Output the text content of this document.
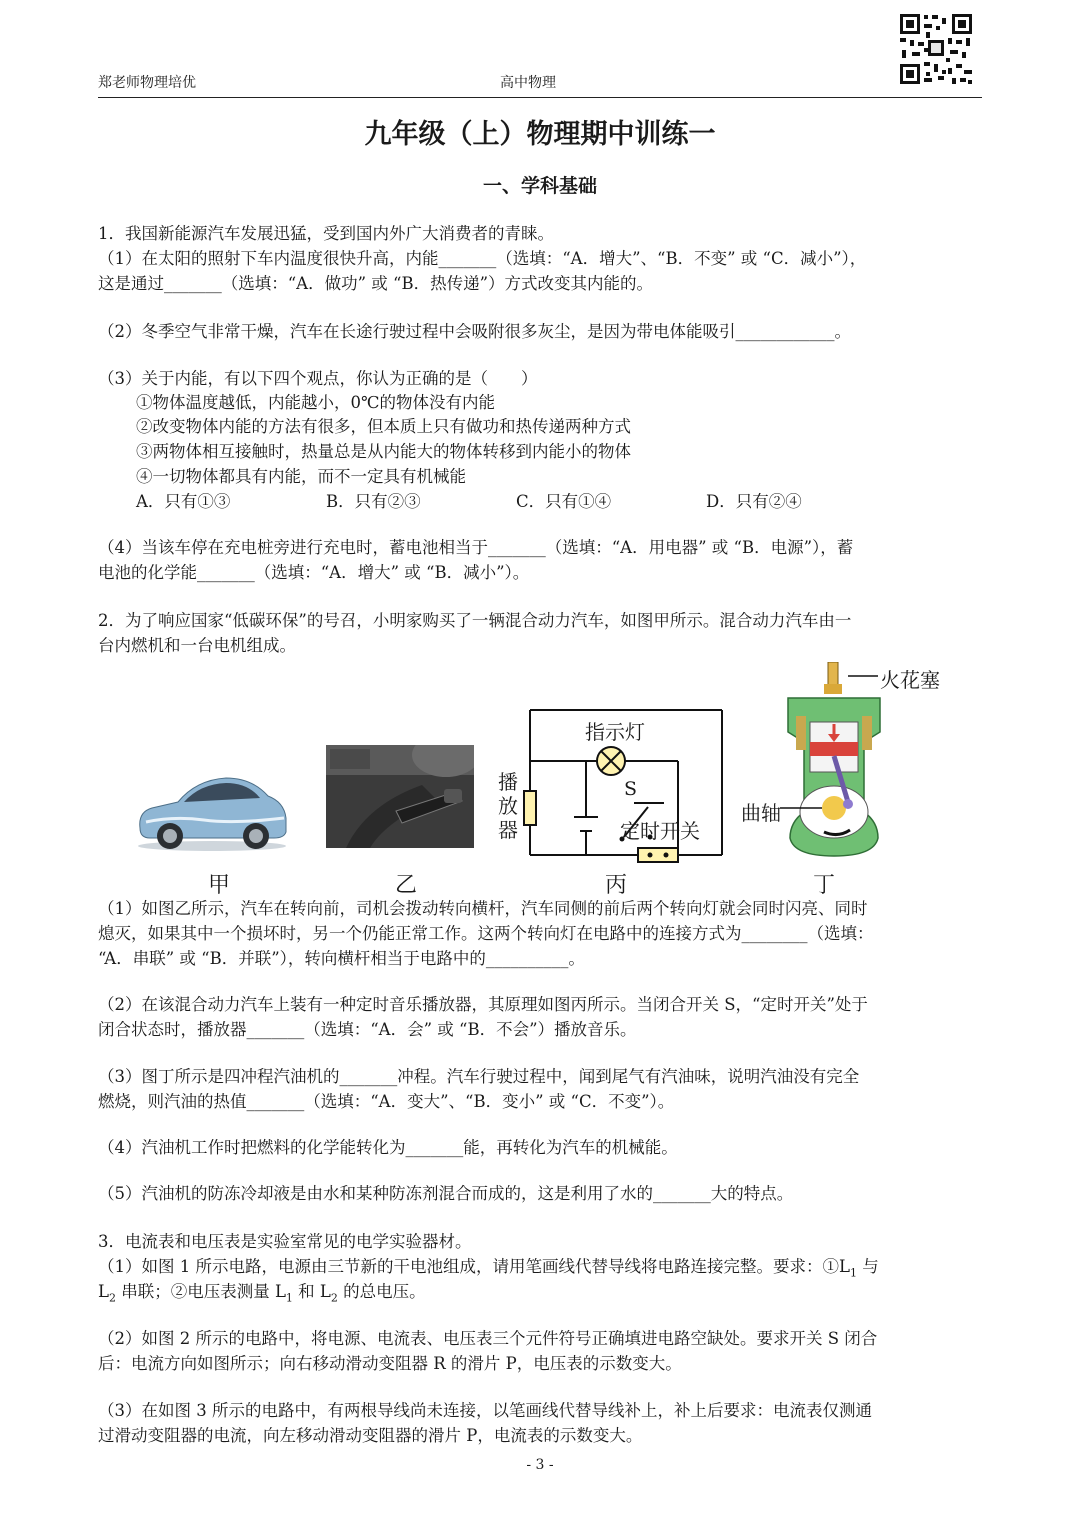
郑老师物理培优	高中物理
九年级（上）物理期中训练一
一、学科基础
1．我国新能源汽车发展迅猛，受到国内外广大消费者的青睐。
（1）在太阳的照射下车内温度很快升高，内能_______（选填：“A．增大”、“B．不变” 或 “C．减小”），
这是通过_______（选填：“A．做功” 或 “B．热传递”）方式改变其内能的。
（2）冬季空气非常干燥，汽车在长途行驶过程中会吸附很多灰尘，是因为带电体能吸引____________。
（3）关于内能，有以下四个观点，你认为正确的是（　　）
①物体温度越低，内能越小，0℃的物体没有内能
②改变物体内能的方法有很多，但本质上只有做功和热传递两种方式
③两物体相互接触时，热量总是从内能大的物体转移到内能小的物体
④一切物体都具有内能，而不一定具有机械能
A．只有①③	B．只有②③	C．只有①④	D．只有②④
（4）当该车停在充电桩旁进行充电时，蓄电池相当于_______（选填：“A．用电器” 或 “B．电源”），蓄
电池的化学能_______（选填：“A．增大” 或 “B．减小”）。
2．为了响应国家“低碳环保”的号召，小明家购买了一辆混合动力汽车，如图甲所示。混合动力汽车由一
台内燃机和一台电机组成。
指示灯
S
播
放
器	定时开关
火花塞
曲轴
甲	乙	丙	丁
（1）如图乙所示，汽车在转向前，司机会拨动转向横杆，汽车同侧的前后两个转向灯就会同时闪亮、同时
熄灭，如果其中一个损坏时，另一个仍能正常工作。这两个转向灯在电路中的连接方式为________（选填：
“A．串联” 或 “B．并联”），转向横杆相当于电路中的__________。
（2）在该混合动力汽车上装有一种定时音乐播放器，其原理如图丙所示。当闭合开关 S，“定时开关”处于
闭合状态时，播放器_______（选填：“A．会” 或 “B．不会”）播放音乐。
（3）图丁所示是四冲程汽油机的_______冲程。汽车行驶过程中，闻到尾气有汽油味，说明汽油没有完全
燃烧，则汽油的热值_______（选填：“A．变大”、“B．变小” 或 “C．不变”）。
（4）汽油机工作时把燃料的化学能转化为_______能，再转化为汽车的机械能。
（5）汽油机的防冻冷却液是由水和某种防冻剂混合而成的，这是利用了水的_______大的特点。
3．电流表和电压表是实验室常见的电学实验器材。
（1）如图 1 所示电路，电源由三节新的干电池组成，请用笔画线代替导线将电路连接完整。要求：$①L_1$ 与
$L_2$ 串联；②电压表测量 $L_1$ 和 $L_2$ 的总电压。
（2）如图 2 所示的电路中，将电源、电流表、电压表三个元件符号正确填进电路空缺处。要求开关 S 闭合
后：电流方向如图所示；向右移动滑动变阻器 R 的滑片 P，电压表的示数变大。
（3）在如图 3 所示的电路中，有两根导线尚未连接，以笔画线代替导线补上，补上后要求：电流表仅测通
过滑动变阻器的电流，向左移动滑动变阻器的滑片 P，电流表的示数变大。
- 3 -
